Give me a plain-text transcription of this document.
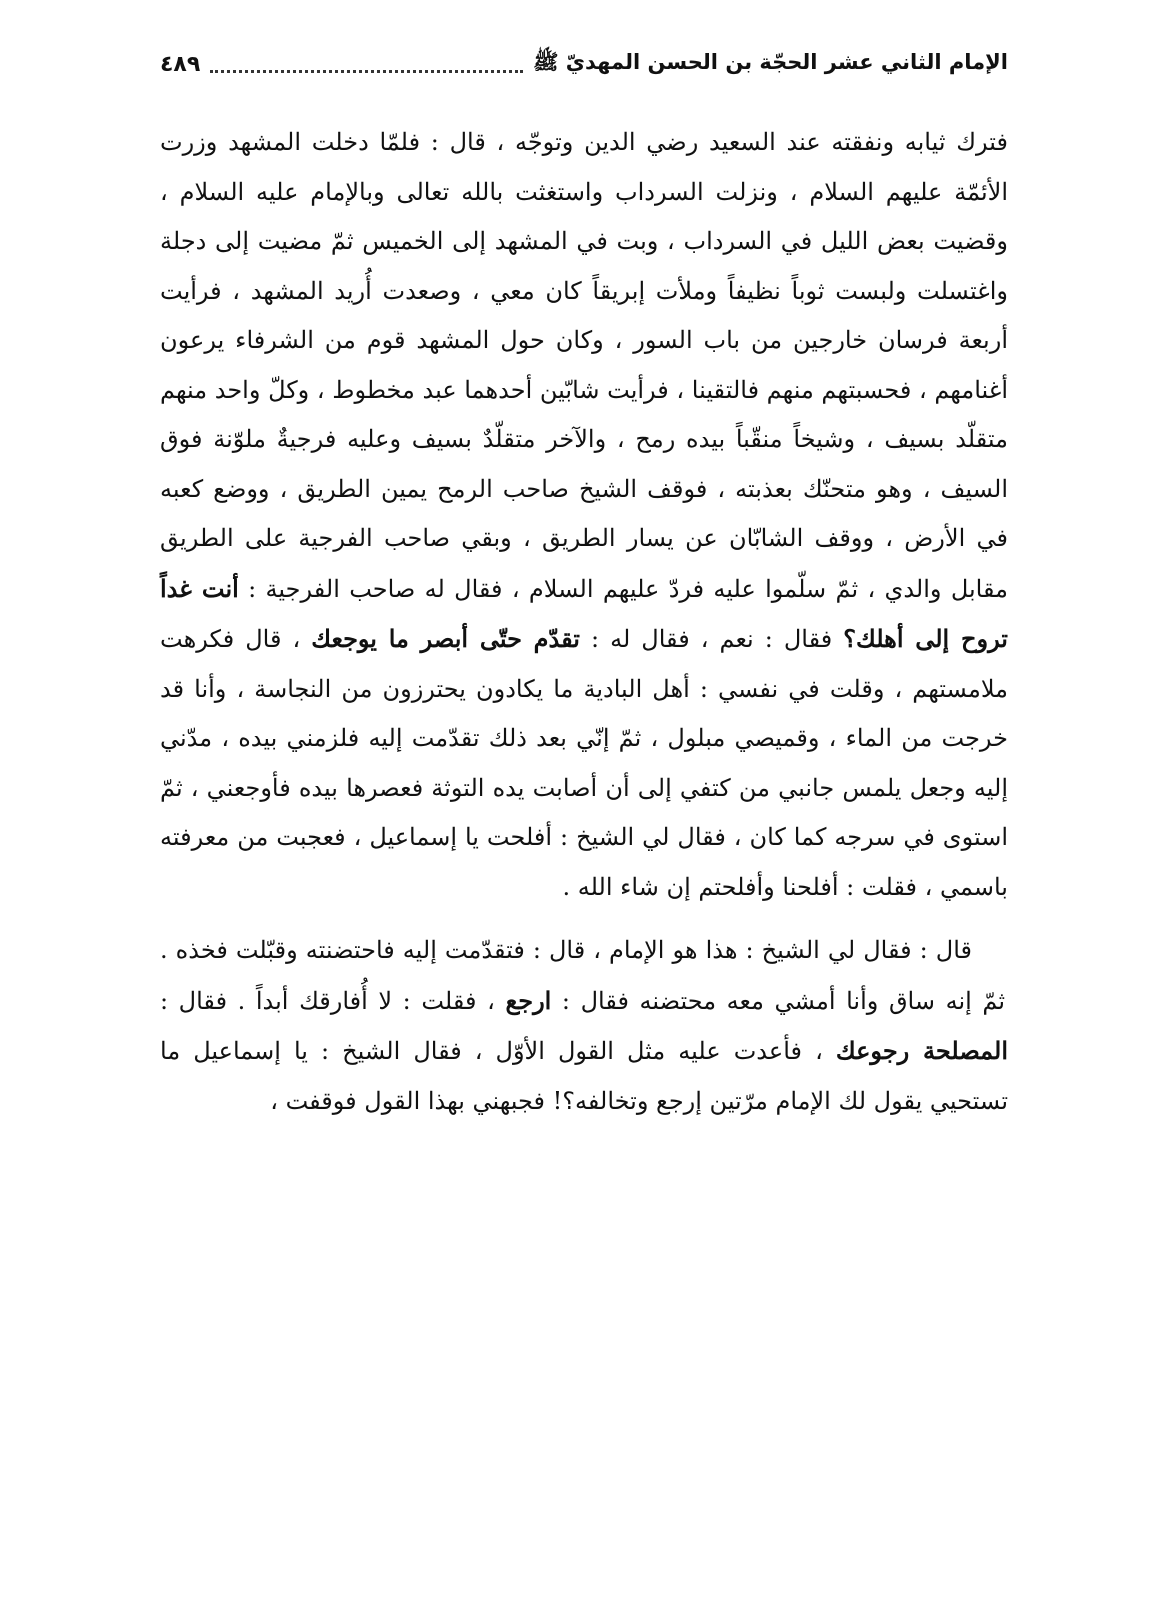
الإمام الثاني عشر الحجّة بن الحسن المهديّ ﷺ
٤٨٩

فترك ثيابه ونفقته عند السعيد رضي الدين وتوجّه ، قال : فلمّا دخلت المشهد وزرت الأئمّة عليهم السلام ، ونزلت السرداب واستغثت بالله تعالى وبالإمام عليه السلام ، وقضيت بعض الليل في السرداب ، وبت في المشهد إلى الخميس ثمّ مضيت إلى دجلة واغتسلت ولبست ثوباً نظيفاً وملأت إبريقاً كان معي ، وصعدت أُريد المشهد ، فرأيت أربعة فرسان خارجين من باب السور ، وكان حول المشهد قوم من الشرفاء يرعون أغنامهم ، فحسبتهم منهم فالتقينا ، فرأيت شابّين أحدهما عبد مخطوط ، وكلّ واحد منهم متقلّد بسيف ، وشيخاً منقّباً بيده رمح ، والآخر متقلّدٌ بسيف وعليه فرجيةٌ ملوّنة فوق السيف ، وهو متحنّك بعذبته ، فوقف الشيخ صاحب الرمح يمين الطريق ، ووضع كعبه في الأرض ، ووقف الشابّان عن يسار الطريق ، وبقي صاحب الفرجية على الطريق مقابل والدي ، ثمّ سلّموا عليه فردّ عليهم السلام ، فقال له صاحب الفرجية : أنت غداً تروح إلى أهلك؟ فقال : نعم ، فقال له : تقدّم حتّى أبصر ما يوجعك ، قال فكرهت ملامستهم ، وقلت في نفسي : أهل البادية ما يكادون يحترزون من النجاسة ، وأنا قد خرجت من الماء ، وقميصي مبلول ، ثمّ إنّي بعد ذلك تقدّمت إليه فلزمني بيده ، مدّني إليه وجعل يلمس جانبي من كتفي إلى أن أصابت يده التوثة فعصرها بيده فأوجعني ، ثمّ استوى في سرجه كما كان ، فقال لي الشيخ : أفلحت يا إسماعيل ، فعجبت من معرفته باسمي ، فقلت : أفلحنا وأفلحتم إن شاء الله .

قال : فقال لي الشيخ : هذا هو الإمام ، قال : فتقدّمت إليه فاحتضنته وقبّلت فخذه . ثمّ إنه ساق وأنا أمشي معه محتضنه فقال : ارجع ، فقلت : لا أُفارقك أبداً . فقال : المصلحة رجوعك ، فأعدت عليه مثل القول الأوّل ، فقال الشيخ : يا إسماعيل ما تستحيي يقول لك الإمام مرّتين إرجع وتخالفه؟! فجبهني بهذا القول فوقفت ،
